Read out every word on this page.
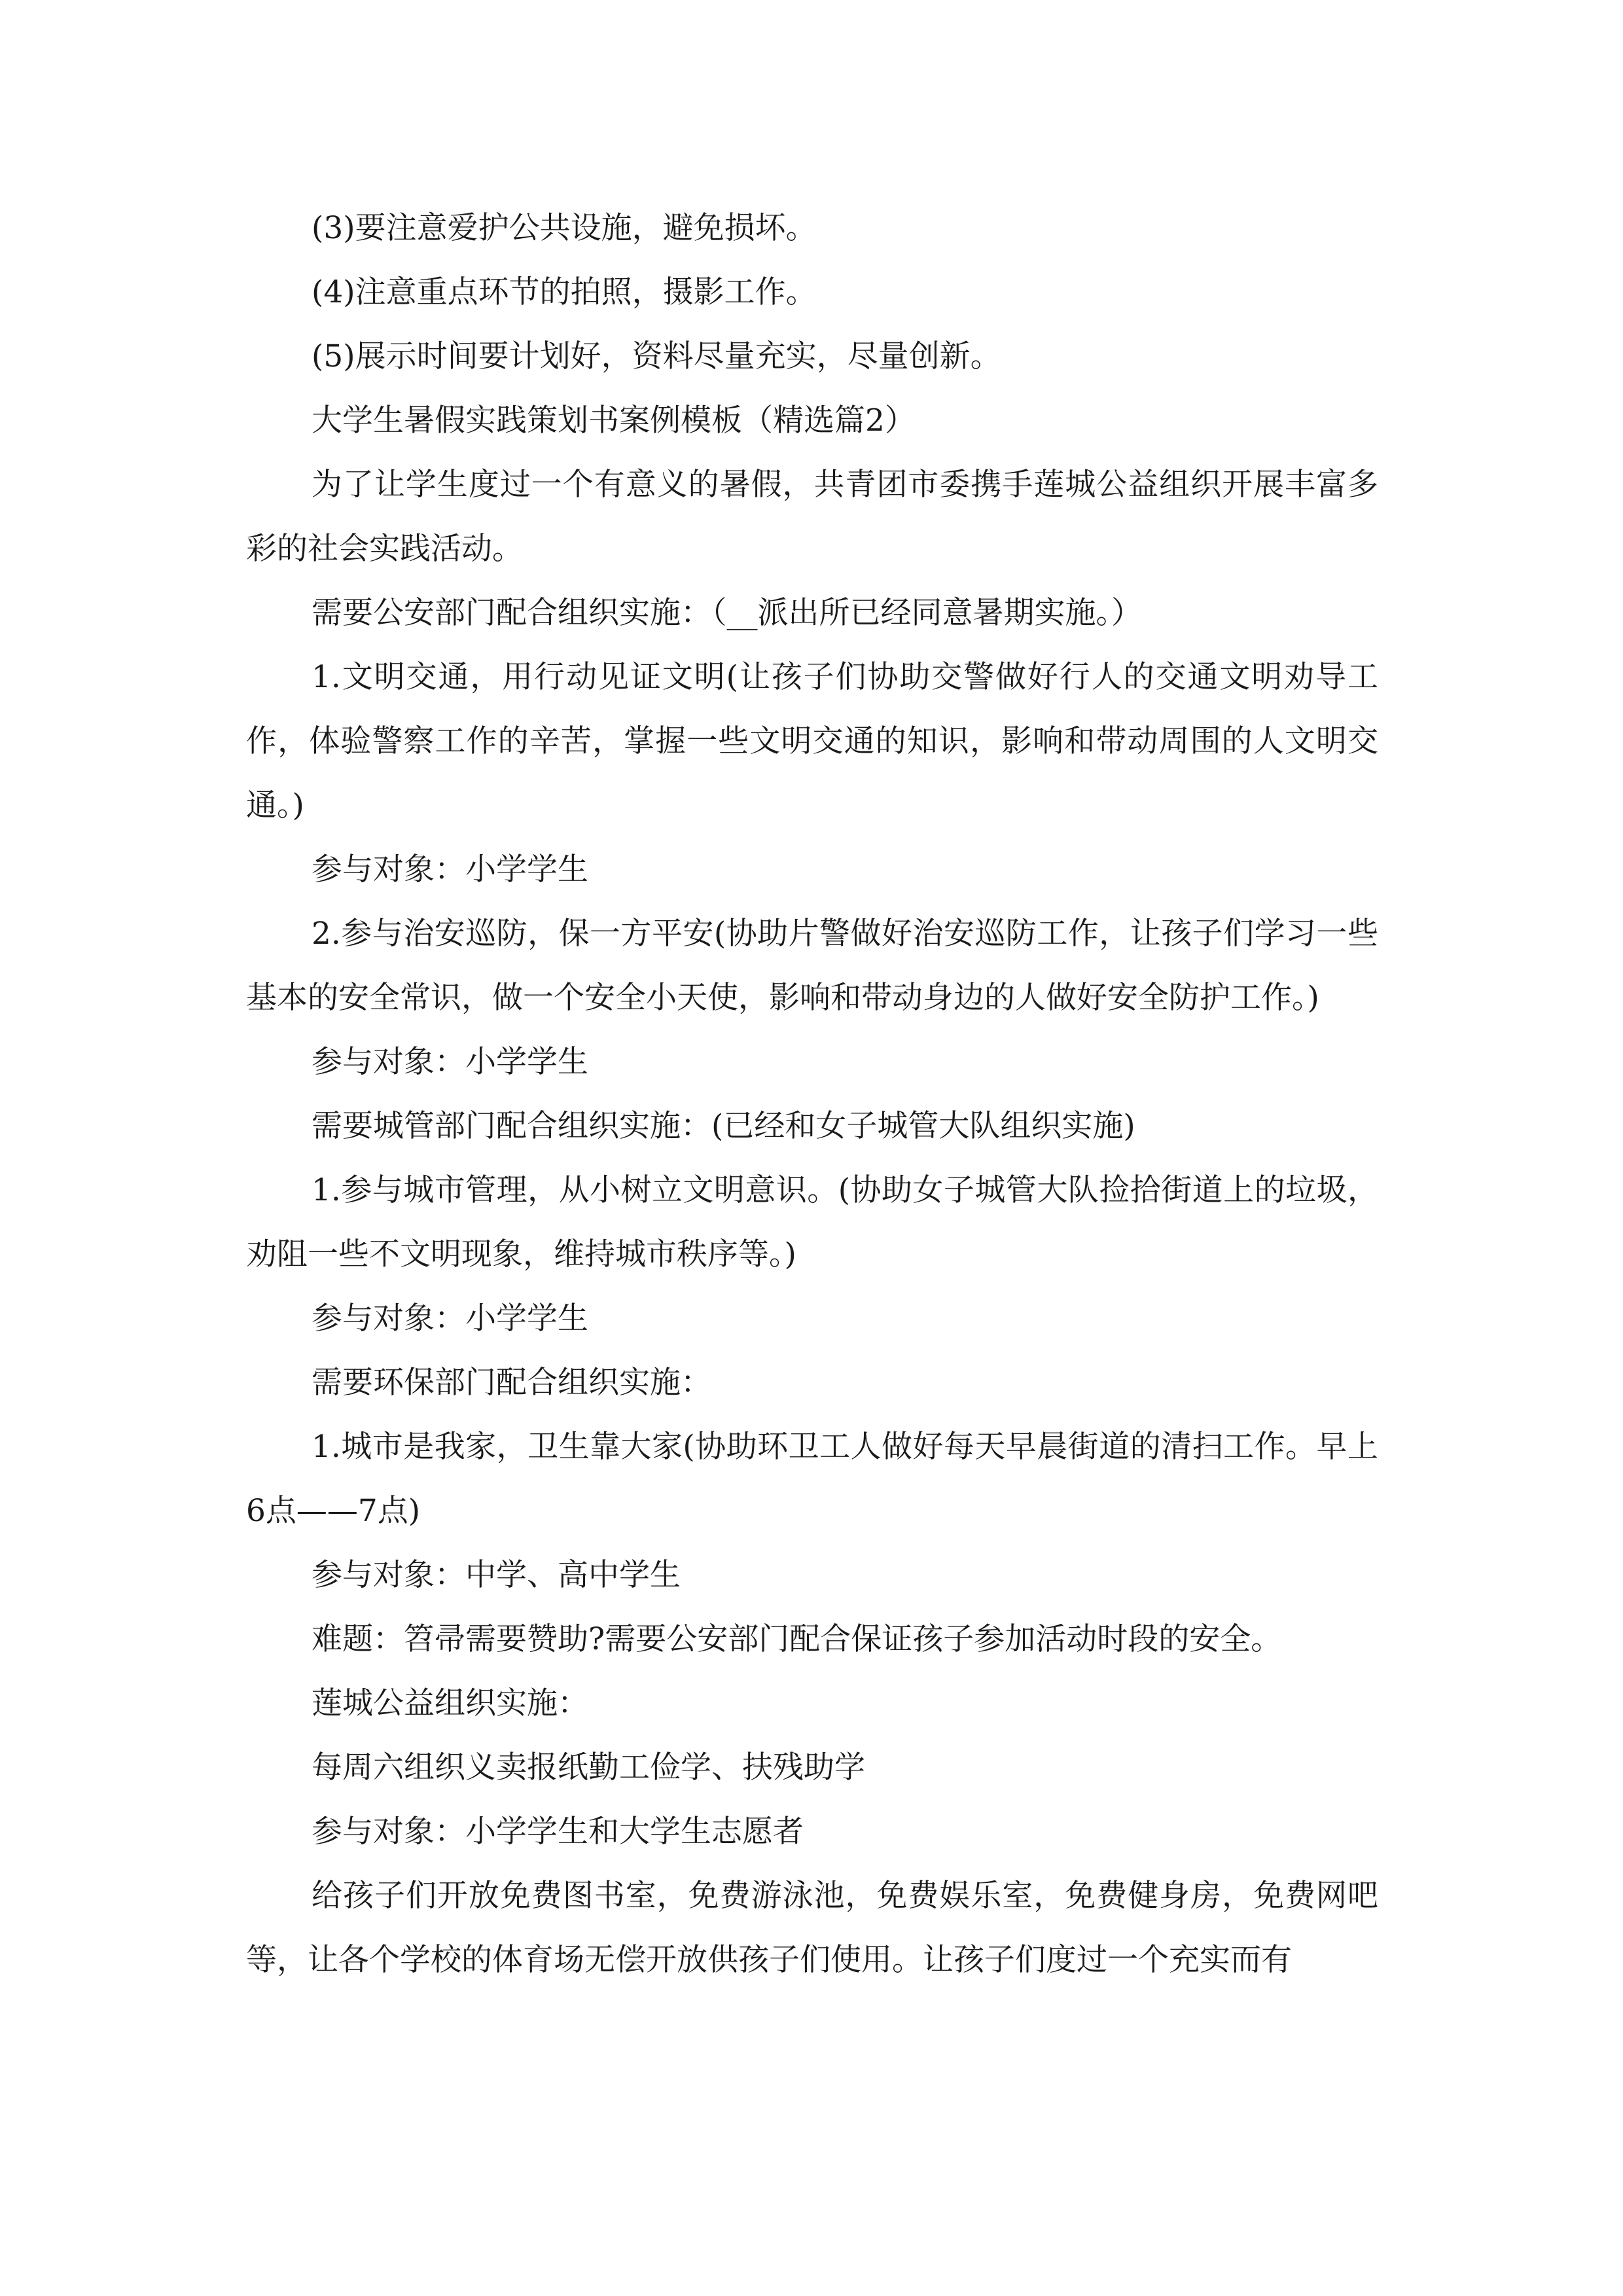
(3)要注意爱护公共设施，避免损坏。

(4)注意重点环节的拍照，摄影工作。

(5)展示时间要计划好，资料尽量充实，尽量创新。

大学生暑假实践策划书案例模板（精选篇2）

为了让学生度过一个有意义的暑假，共青团市委携手莲城公益组织开展丰富多彩的社会实践活动。

需要公安部门配合组织实施：（__派出所已经同意暑期实施。）

1.文明交通，用行动见证文明(让孩子们协助交警做好行人的交通文明劝导工作，体验警察工作的辛苦，掌握一些文明交通的知识，影响和带动周围的人文明交通。)

参与对象：小学学生

2.参与治安巡防，保一方平安(协助片警做好治安巡防工作，让孩子们学习一些基本的安全常识，做一个安全小天使，影响和带动身边的人做好安全防护工作。)

参与对象：小学学生

需要城管部门配合组织实施：(已经和女子城管大队组织实施)

1.参与城市管理，从小树立文明意识。(协助女子城管大队捡拾街道上的垃圾，劝阻一些不文明现象，维持城市秩序等。)

参与对象：小学学生

需要环保部门配合组织实施：

1.城市是我家，卫生靠大家(协助环卫工人做好每天早晨街道的清扫工作。早上6点——7点)

参与对象：中学、高中学生

难题：笤帚需要赞助?需要公安部门配合保证孩子参加活动时段的安全。

莲城公益组织实施：

每周六组织义卖报纸勤工俭学、扶残助学

参与对象：小学学生和大学生志愿者

给孩子们开放免费图书室，免费游泳池，免费娱乐室，免费健身房，免费网吧等，让各个学校的体育场无偿开放供孩子们使用。让孩子们度过一个充实而有
